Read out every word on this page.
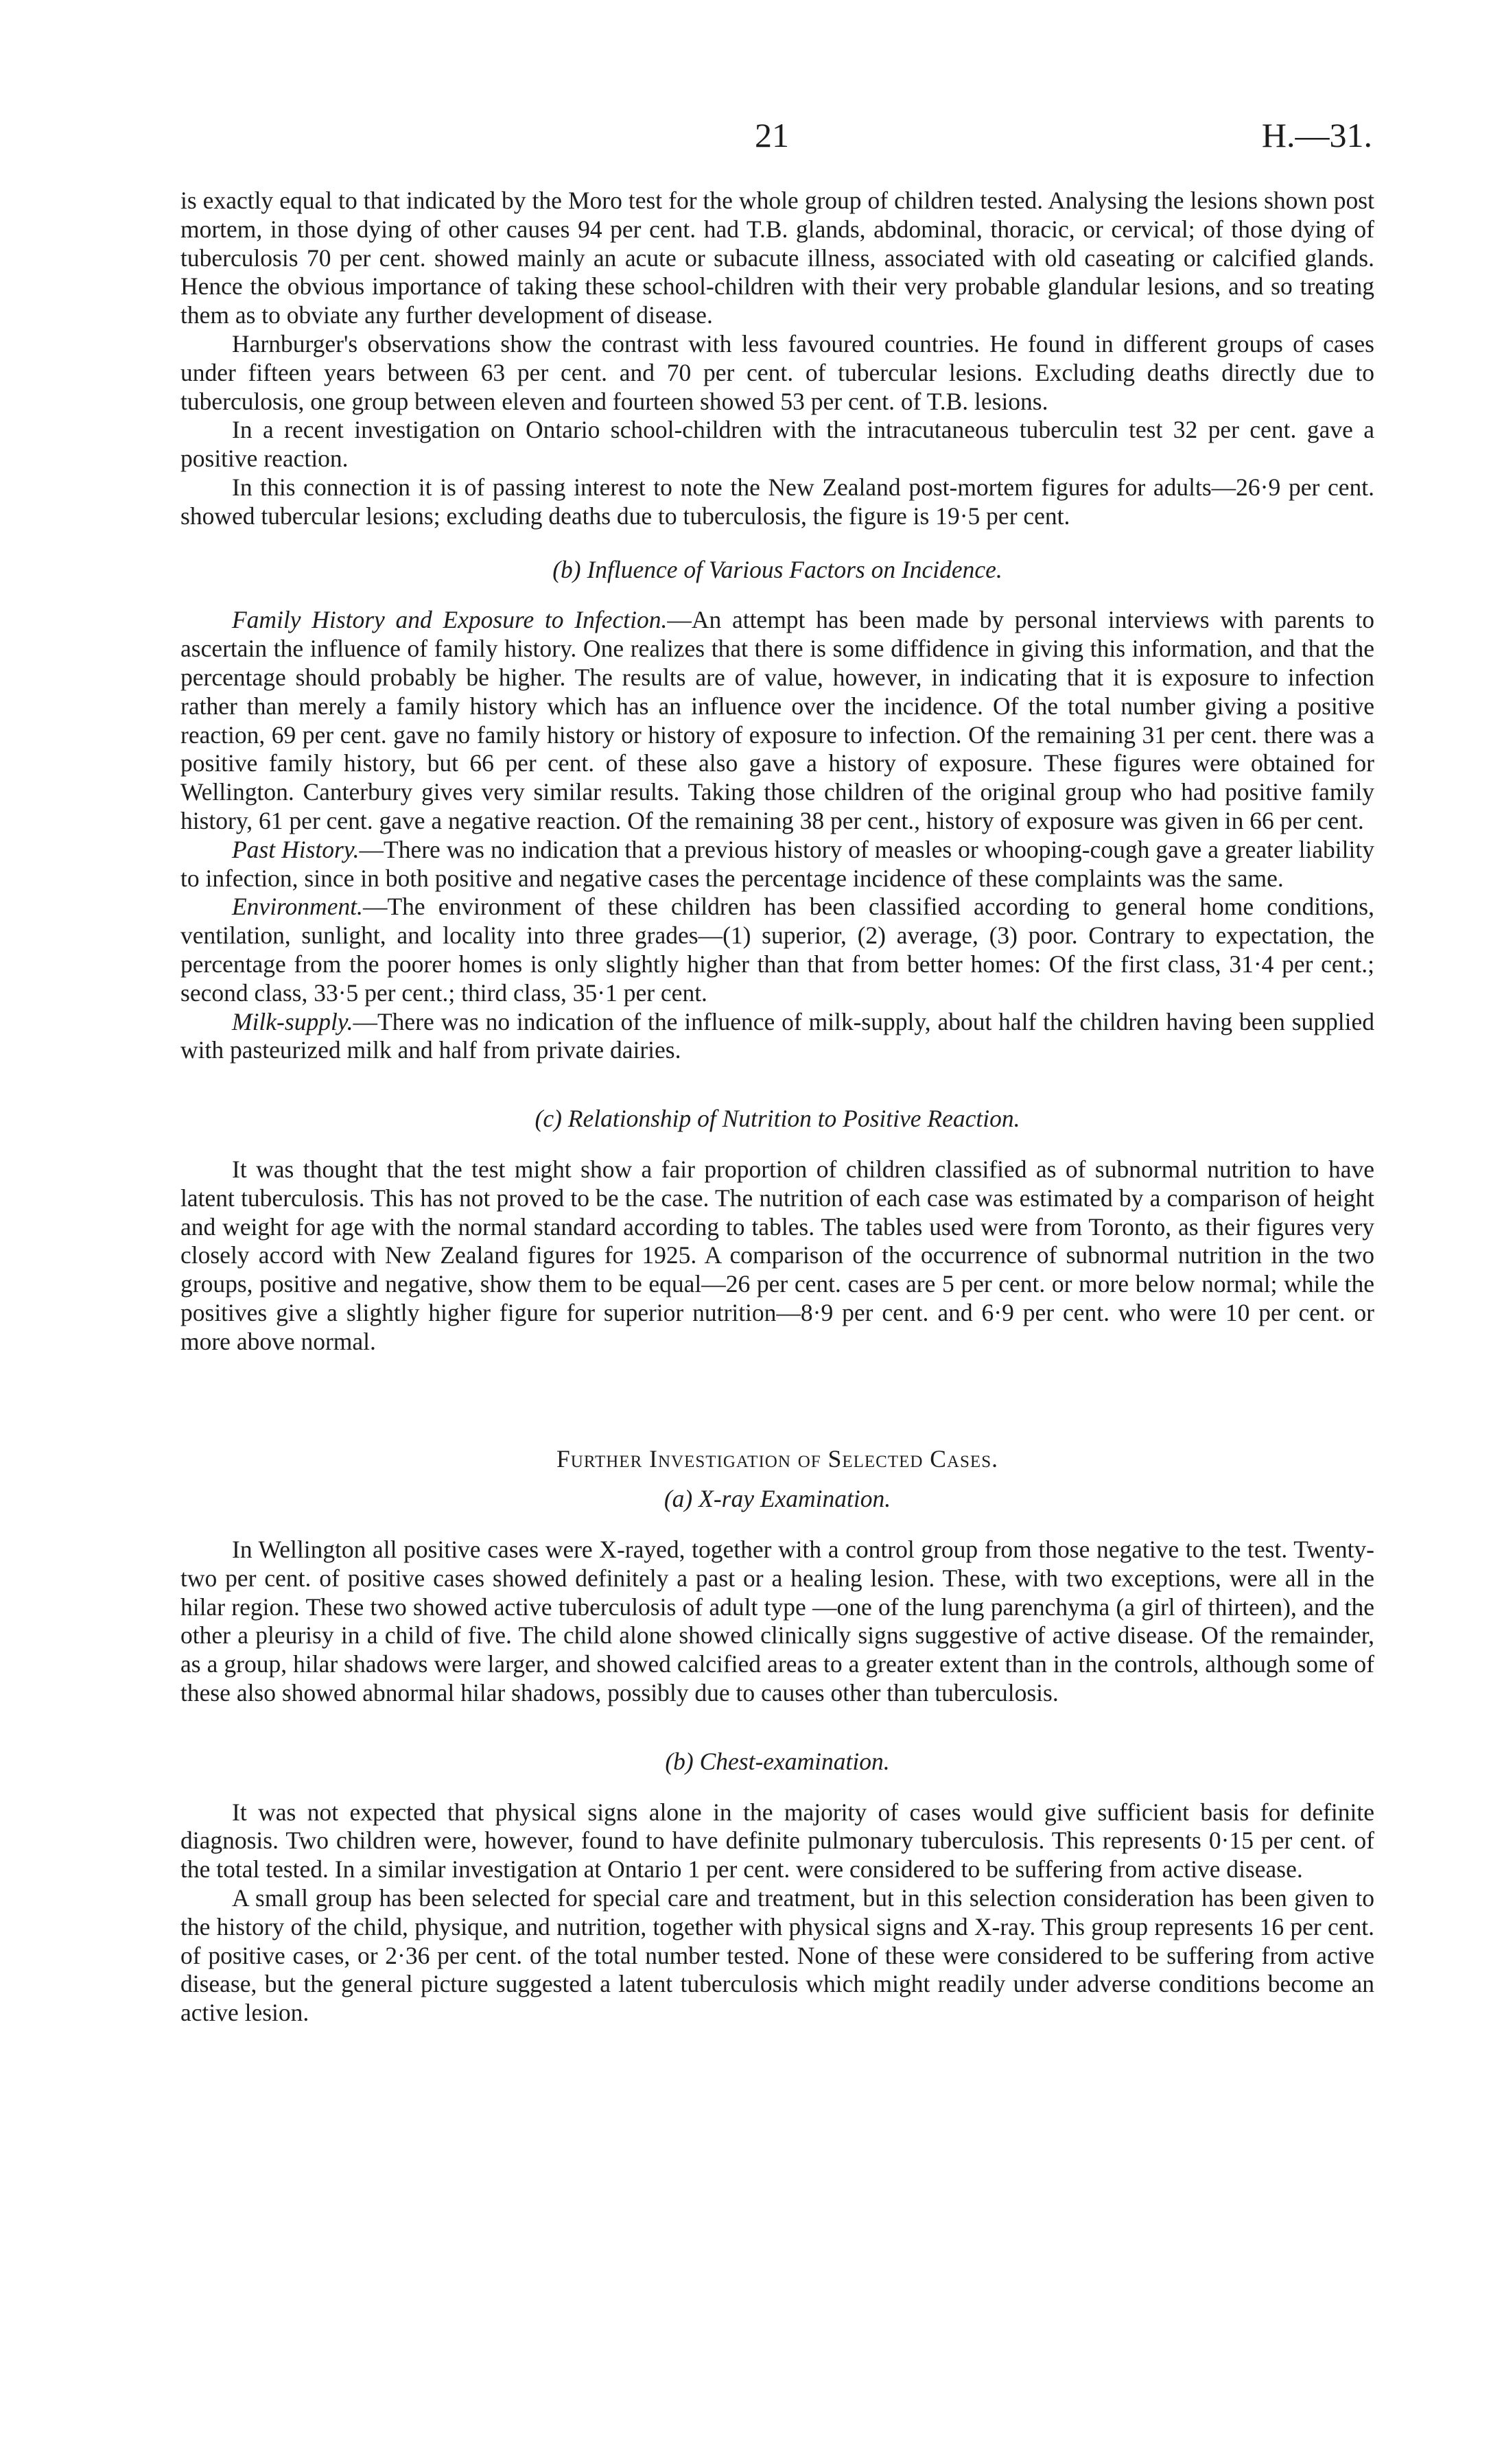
21	H.—31.

is exactly equal to that indicated by the Moro test for the whole group of children tested. Analysing the lesions shown post mortem, in those dying of other causes 94 per cent. had T.B. glands, abdominal, thoracic, or cervical; of those dying of tuberculosis 70 per cent. showed mainly an acute or subacute illness, associated with old caseating or calcified glands. Hence the obvious importance of taking these school-children with their very probable glandular lesions, and so treating them as to obviate any further development of disease.

Harnburger's observations show the contrast with less favoured countries. He found in different groups of cases under fifteen years between 63 per cent. and 70 per cent. of tubercular lesions. Excluding deaths directly due to tuberculosis, one group between eleven and fourteen showed 53 per cent. of T.B. lesions.

In a recent investigation on Ontario school-children with the intracutaneous tuberculin test 32 per cent. gave a positive reaction.

In this connection it is of passing interest to note the New Zealand post-mortem figures for adults—26·9 per cent. showed tubercular lesions; excluding deaths due to tuberculosis, the figure is 19·5 per cent.

(b) Influence of Various Factors on Incidence.

Family History and Exposure to Infection.—An attempt has been made by personal interviews with parents to ascertain the influence of family history. One realizes that there is some diffidence in giving this information, and that the percentage should probably be higher. The results are of value, however, in indicating that it is exposure to infection rather than merely a family history which has an influence over the incidence. Of the total number giving a positive reaction, 69 per cent. gave no family history or history of exposure to infection. Of the remaining 31 per cent. there was a positive family history, but 66 per cent. of these also gave a history of exposure. These figures were obtained for Wellington. Canterbury gives very similar results. Taking those children of the original group who had positive family history, 61 per cent. gave a negative reaction. Of the remaining 38 per cent., history of exposure was given in 66 per cent.

Past History.—There was no indication that a previous history of measles or whooping-cough gave a greater liability to infection, since in both positive and negative cases the percentage incidence of these complaints was the same.

Environment.—The environment of these children has been classified according to general home conditions, ventilation, sunlight, and locality into three grades—(1) superior, (2) average, (3) poor. Contrary to expectation, the percentage from the poorer homes is only slightly higher than that from better homes: Of the first class, 31·4 per cent.; second class, 33·5 per cent.; third class, 35·1 per cent.

Milk-supply.—There was no indication of the influence of milk-supply, about half the children having been supplied with pasteurized milk and half from private dairies.

(c) Relationship of Nutrition to Positive Reaction.

It was thought that the test might show a fair proportion of children classified as of subnormal nutrition to have latent tuberculosis. This has not proved to be the case. The nutrition of each case was estimated by a comparison of height and weight for age with the normal standard according to tables. The tables used were from Toronto, as their figures very closely accord with New Zealand figures for 1925. A comparison of the occurrence of subnormal nutrition in the two groups, positive and negative, show them to be equal—26 per cent. cases are 5 per cent. or more below normal; while the positives give a slightly higher figure for superior nutrition—8·9 per cent. and 6·9 per cent. who were 10 per cent. or more above normal.

Further Investigation of Selected Cases.

(a) X-ray Examination.

In Wellington all positive cases were X-rayed, together with a control group from those negative to the test. Twenty-two per cent. of positive cases showed definitely a past or a healing lesion. These, with two exceptions, were all in the hilar region. These two showed active tuberculosis of adult type —one of the lung parenchyma (a girl of thirteen), and the other a pleurisy in a child of five. The child alone showed clinically signs suggestive of active disease. Of the remainder, as a group, hilar shadows were larger, and showed calcified areas to a greater extent than in the controls, although some of these also showed abnormal hilar shadows, possibly due to causes other than tuberculosis.

(b) Chest-examination.

It was not expected that physical signs alone in the majority of cases would give sufficient basis for definite diagnosis. Two children were, however, found to have definite pulmonary tuberculosis. This represents 0·15 per cent. of the total tested. In a similar investigation at Ontario 1 per cent. were considered to be suffering from active disease.

A small group has been selected for special care and treatment, but in this selection consideration has been given to the history of the child, physique, and nutrition, together with physical signs and X-ray. This group represents 16 per cent. of positive cases, or 2·36 per cent. of the total number tested. None of these were considered to be suffering from active disease, but the general picture suggested a latent tuberculosis which might readily under adverse conditions become an active lesion.
